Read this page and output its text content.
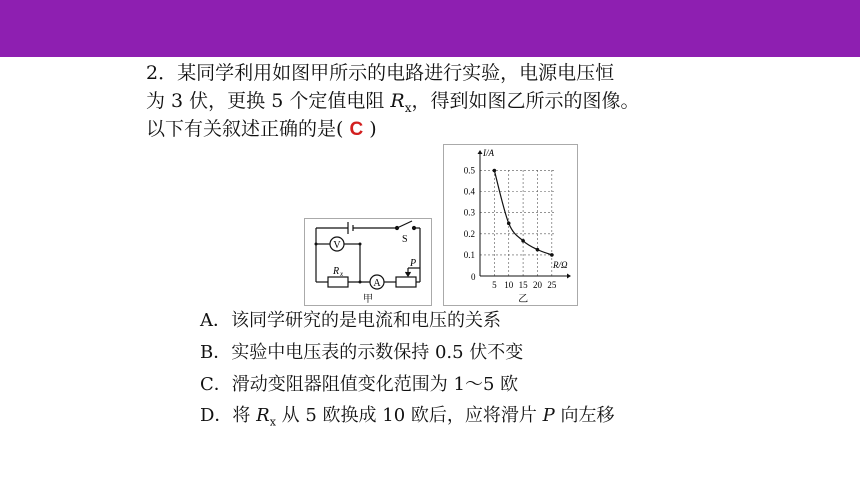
2．某同学利用如图甲所示的电路进行实验，电源电压恒
为 3 伏，更换 5 个定值电阻 $R_x$，得到如图乙所示的图像。
以下有关叙述正确的是( C )
V
A
S
R x
P
甲
0.5
0.4
0.3
0.2
0.1
5 10 15 20 25
I/A
R/Ω
0
乙
A．该同学研究的是电流和电压的关系
B．实验中电压表的示数保持 0.5 伏不变
C．滑动变阻器阻值变化范围为 1～5 欧
D．将 $R_x$ 从 5 欧换成 10 欧后，应将滑片 P 向左移
